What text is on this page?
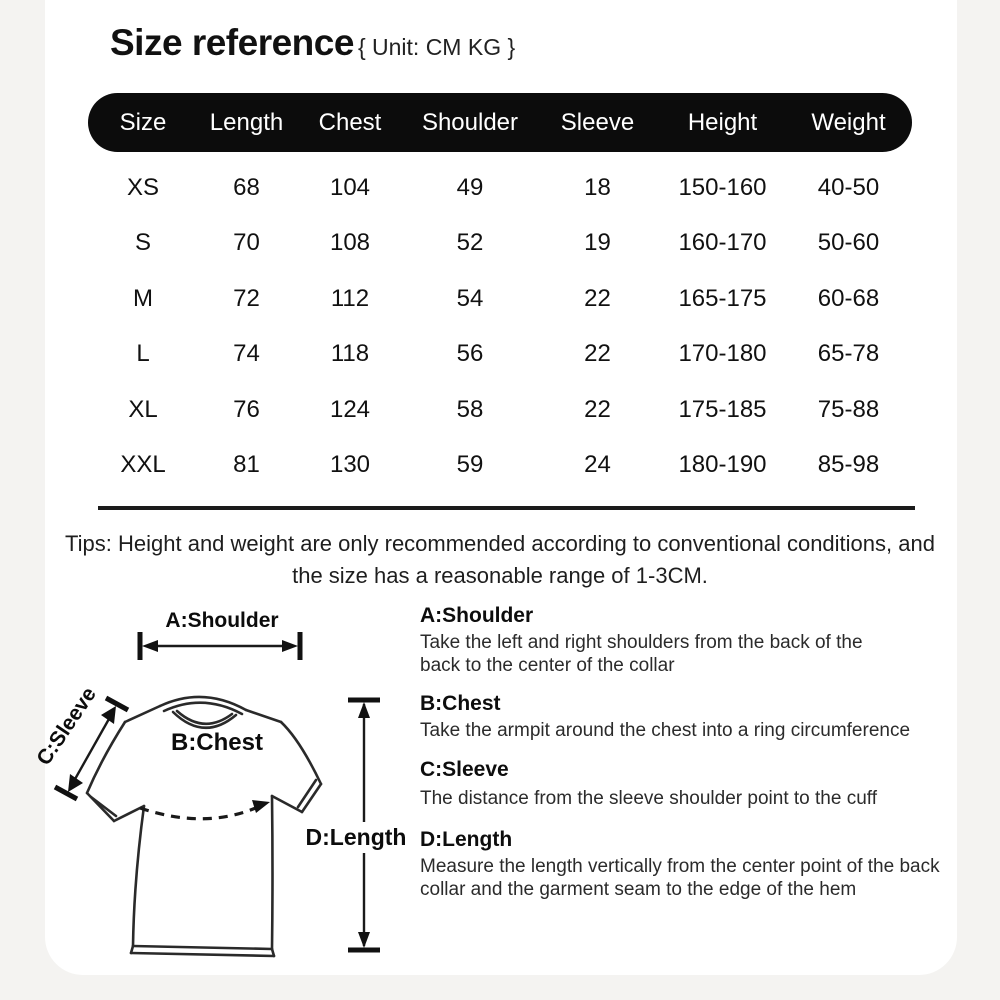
Size reference { Unit: CM KG }
Size	Length	Chest	Shoulder	Sleeve	Height	Weight
XS	68	104	49	18	150-160	40-50
S	70	108	52	19	160-170	50-60
M	72	112	54	22	165-175	60-68
L	74	118	56	22	170-180	65-78
XL	76	124	58	22	175-185	75-88
XXL	81	130	59	24	180-190	85-98
Tips: Height and weight are only recommended according to conventional conditions, and the size has a reasonable range of 1-3CM.
A:Shoulder
C:Sleeve	B:Chest
D:Length
A:Shoulder

Take the left and right shoulders from the back of the back to the center of the collar

B:Chest

Take the armpit around the chest into a ring circumference

C:Sleeve

The distance from the sleeve shoulder point to the cuff

D:Length

Measure the length vertically from the center point of the back collar and the garment seam to the edge of the hem
